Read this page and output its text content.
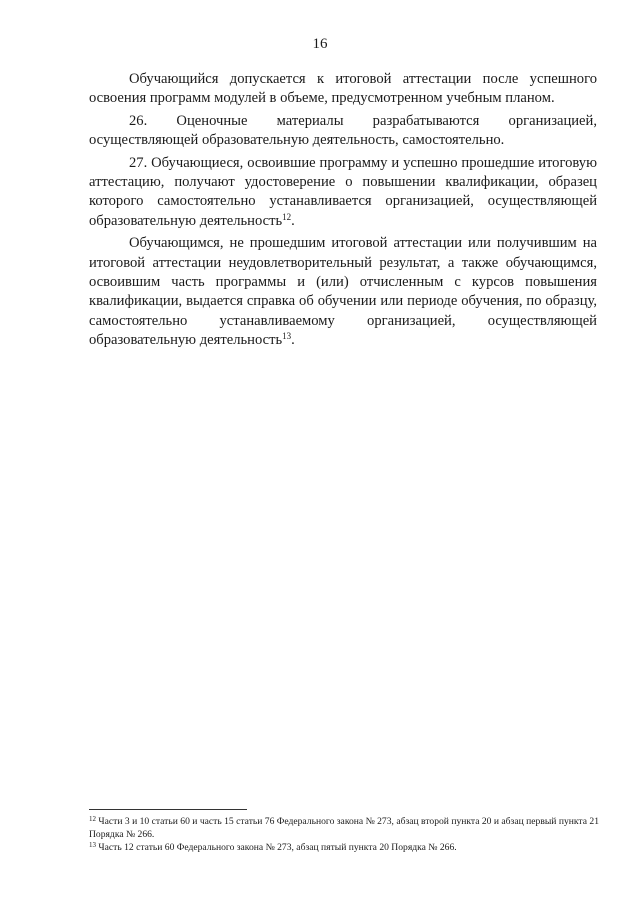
16

Обучающийся допускается к итоговой аттестации после успешного освоения программ модулей в объеме, предусмотренном учебным планом.

26. Оценочные материалы разрабатываются организацией, осуществляющей образовательную деятельность, самостоятельно.

27. Обучающиеся, освоившие программу и успешно прошедшие итоговую аттестацию, получают удостоверение о повышении квалификации, образец которого самостоятельно устанавливается организацией, осуществляющей образовательную деятельность$^{12}$.

Обучающимся, не прошедшим итоговой аттестации или получившим на итоговой аттестации неудовлетворительный результат, а также обучающимся, освоившим часть программы и (или) отчисленным с курсов повышения квалификации, выдается справка об обучении или периоде обучения, по образцу, самостоятельно устанавливаемому организацией, осуществляющей образовательную деятельность$^{13}$.

$^{12}$ Части 3 и 10 статьи 60 и часть 15 статьи 76 Федерального закона № 273, абзац второй пункта 20 и абзац первый пункта 21 Порядка № 266.

$^{13}$ Часть 12 статьи 60 Федерального закона № 273, абзац пятый пункта 20 Порядка № 266.
